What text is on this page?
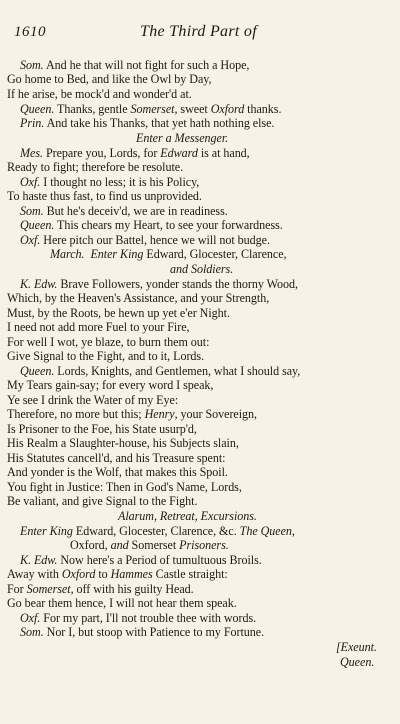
1610	The Third Part of
Som. And he that will not fight for such a Hope,
Go home to Bed, and like the Owl by Day,
If he arise, be mock'd and wonder'd at.
Queen. Thanks, gentle Somerset, sweet Oxford thanks.
Prin. And take his Thanks, that yet hath nothing else.
Enter a Messenger.
Mes. Prepare you, Lords, for Edward is at hand,
Ready to fight; therefore be resolute.
Oxf. I thought no less; it is his Policy,
To haste thus fast, to find us unprovided.
Som. But he's deceiv'd, we are in readiness.
Queen. This chears my Heart, to see your forwardness.
Oxf. Here pitch our Battel, hence we will not budge.
March.  Enter King Edward, Glocester, Clarence,
and Soldiers.
K. Edw. Brave Followers, yonder stands the thorny Wood,
Which, by the Heaven's Assistance, and your Strength,
Must, by the Roots, be hewn up yet e'er Night.
I need not add more Fuel to your Fire,
For well I wot, ye blaze, to burn them out:
Give Signal to the Fight, and to it, Lords.
Queen. Lords, Knights, and Gentlemen, what I should say,
My Tears gain-say; for every word I speak,
Ye see I drink the Water of my Eye:
Therefore, no more but this; Henry, your Sovereign,
Is Prisoner to the Foe, his State usurp'd,
His Realm a Slaughter-house, his Subjects slain,
His Statutes cancell'd, and his Treasure spent:
And yonder is the Wolf, that makes this Spoil.
You fight in Justice: Then in God's Name, Lords,
Be valiant, and give Signal to the Fight.
Alarum, Retreat, Excursions.
Enter King Edward, Glocester, Clarence, &c. The Queen,
Oxford, and Somerset Prisoners.
K. Edw. Now here's a Period of tumultuous Broils.
Away with Oxford to Hammes Castle straight:
For Somerset, off with his guilty Head.
Go bear them hence, I will not hear them speak.
Oxf. For my part, I'll not trouble thee with words.
Som. Nor I, but stoop with Patience to my Fortune.
[Exeunt.
Queen.
